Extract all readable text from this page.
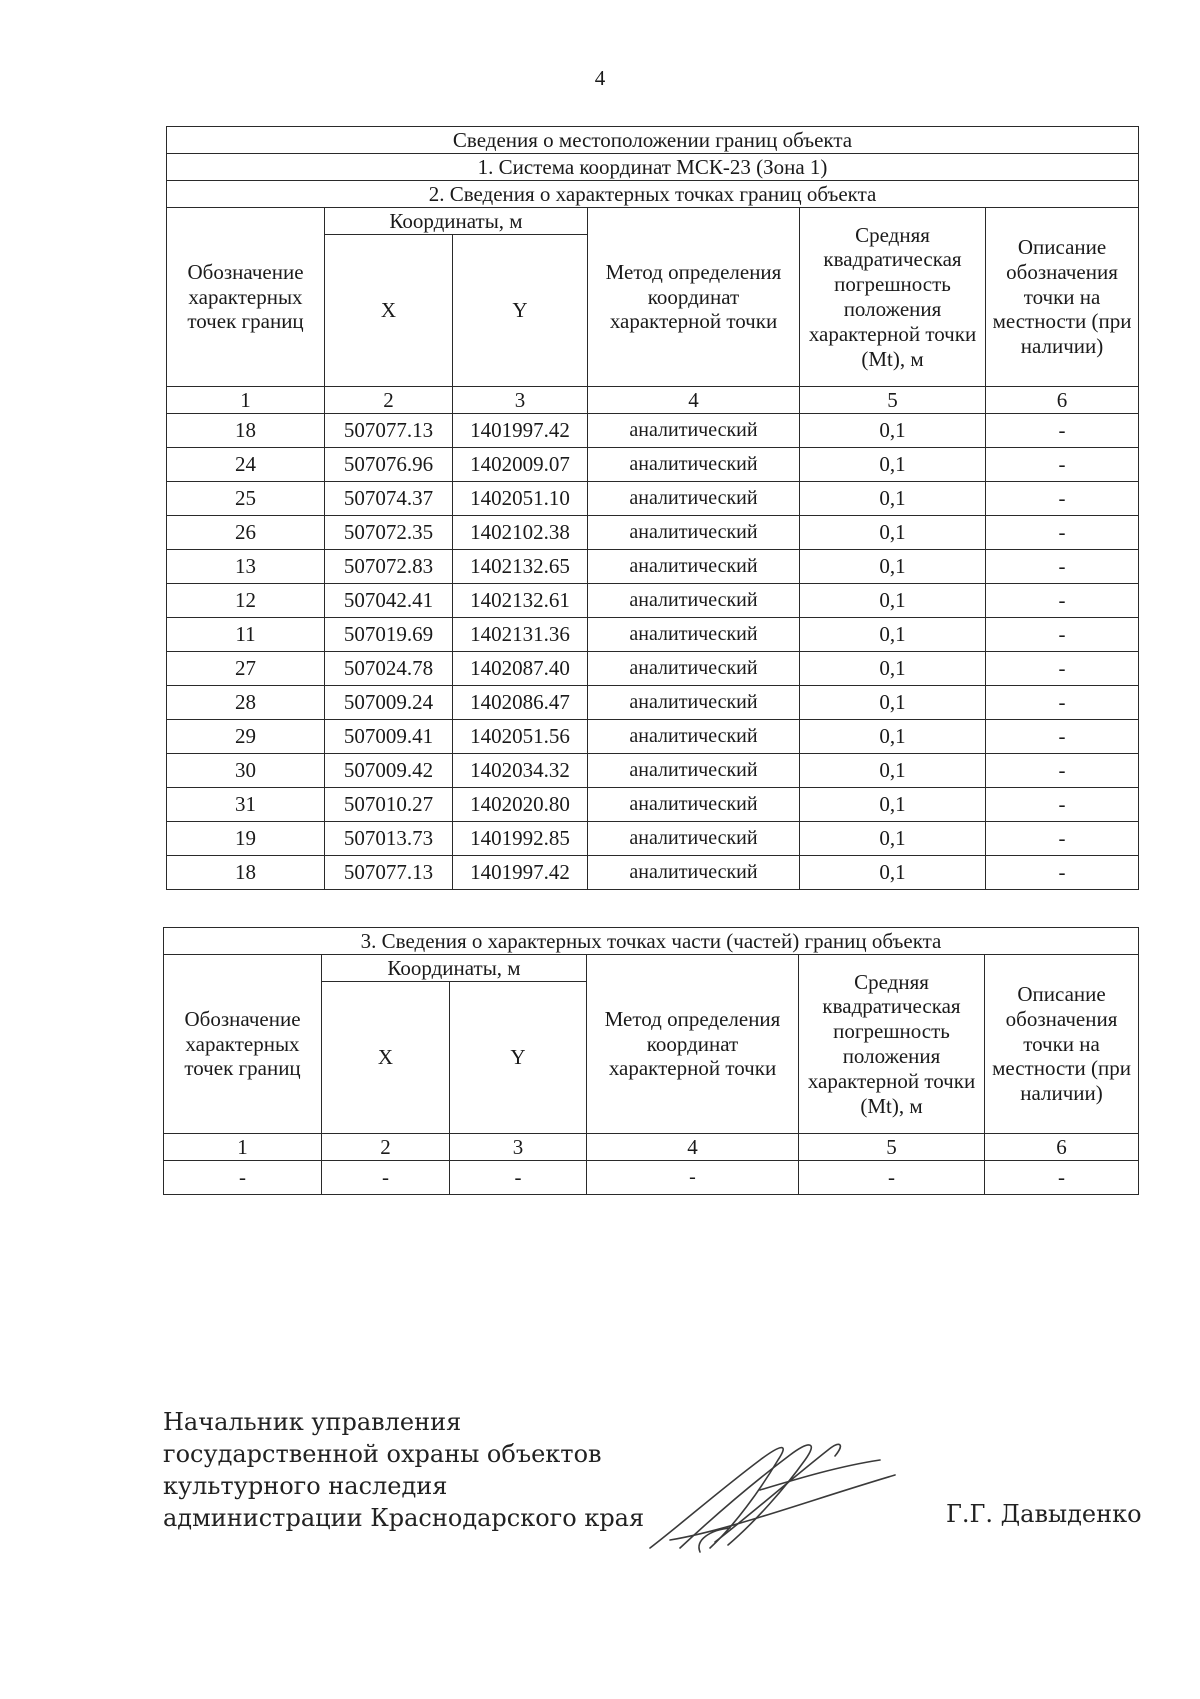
4
Сведения о местоположении границ объекта					
1. Система координат МСК-23 (Зона 1)					
2. Сведения о характерных точках границ объекта					
Обозначение характерных точек границ	Координаты, м		Метод определения координат характерной точки	Средняя квадратическая погрешность положения характерной точки (Mt), м	Описание обозначения точки на местности (при наличии)
	X	Y			
1	2	3	4	5	6
18	507077.13	1401997.42	аналитический	0,1	-
24	507076.96	1402009.07	аналитический	0,1	-
25	507074.37	1402051.10	аналитический	0,1	-
26	507072.35	1402102.38	аналитический	0,1	-
13	507072.83	1402132.65	аналитический	0,1	-
12	507042.41	1402132.61	аналитический	0,1	-
11	507019.69	1402131.36	аналитический	0,1	-
27	507024.78	1402087.40	аналитический	0,1	-
28	507009.24	1402086.47	аналитический	0,1	-
29	507009.41	1402051.56	аналитический	0,1	-
30	507009.42	1402034.32	аналитический	0,1	-
31	507010.27	1402020.80	аналитический	0,1	-
19	507013.73	1401992.85	аналитический	0,1	-
18	507077.13	1401997.42	аналитический	0,1	-
3. Сведения о характерных точках части (частей) границ объекта					
Обозначение характерных точек границ	Координаты, м		Метод определения координат характерной точки	Средняя квадратическая погрешность положения характерной точки (Mt), м	Описание обозначения точки на местности (при наличии)
	X	Y			
1	2	3	4	5	6
-	-	-	-	-	-
Начальник управления
государственной охраны объектов
культурного наследия
администрации Краснодарского края	Г.Г. Давыденко
